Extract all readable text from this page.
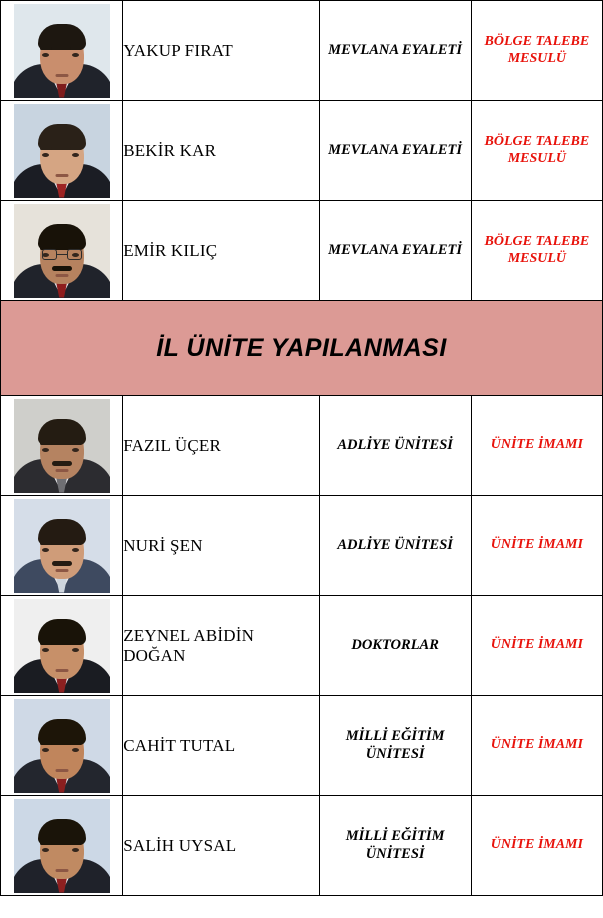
	YAKUP FIRAT	MEVLANA EYALETİ	BÖLGE TALEBE MESULÜ

	BEKİR KAR	MEVLANA EYALETİ	BÖLGE TALEBE MESULÜ

	EMİR KILIÇ	MEVLANA EYALETİ	BÖLGE TALEBE MESULÜ
İL ÜNİTE YAPILANMASI			

	FAZIL ÜÇER	ADLİYE ÜNİTESİ	ÜNİTE İMAMI

	NURİ ŞEN	ADLİYE ÜNİTESİ	ÜNİTE İMAMI

	ZEYNEL ABİDİN DOĞAN	DOKTORLAR	ÜNİTE İMAMI

	CAHİT TUTAL	MİLLİ EĞİTİM ÜNİTESİ	ÜNİTE İMAMI

	SALİH UYSAL	MİLLİ EĞİTİM ÜNİTESİ	ÜNİTE İMAMI
